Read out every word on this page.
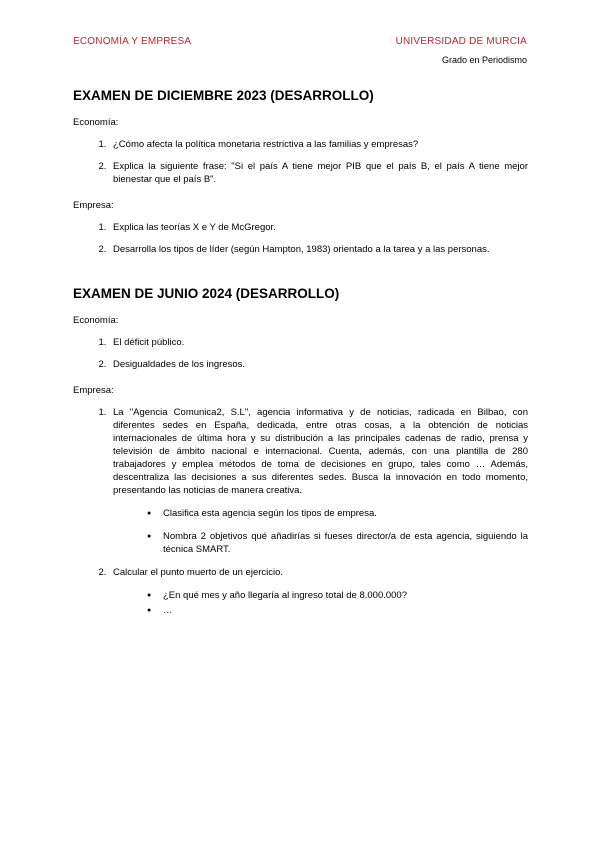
ECONOMÍA Y EMPRESA	UNIVERSIDAD DE MURCIA
Grado en Periodismo
EXAMEN DE DICIEMBRE 2023 (DESARROLLO)

Economía:

1. ¿Cómo afecta la política monetaria restrictiva a las familias y empresas?
2. Explica la siguiente frase: "Si el país A tiene mejor PIB que el país B, el país A tiene mejor bienestar que el país B".

Empresa:

1. Explica las teorías X e Y de McGregor.
2. Desarrolla los tipos de líder (según Hampton, 1983) orientado a la tarea y a las personas.
EXAMEN DE JUNIO 2024 (DESARROLLO)

Economía:

1. El déficit público.
2. Desigualdades de los ingresos.

Empresa:

1. La "Agencia Comunica2, S.L", agencia informativa y de noticias, radicada en Bilbao, con diferentes sedes en España, dedicada, entre otras cosas, a la obtención de noticias internacionales de última hora y su distribución a las principales cadenas de radio, prensa y televisión de ámbito nacional e internacional. Cuenta, además, con una plantilla de 280 trabajadores y emplea métodos de toma de decisiones en grupo, tales como … Además, descentraliza las decisiones a sus diferentes sedes. Busca la innovación en todo momento, presentando las noticias de manera creativa.
● Clasifica esta agencia según los tipos de empresa.
● Nombra 2 objetivos qué añadirías si fueses director/a de esta agencia, siguiendo la técnica SMART.
2. Calcular el punto muerto de un ejercicio.
● ¿En qué mes y año llegaría al ingreso total de 8.000.000?
● …
